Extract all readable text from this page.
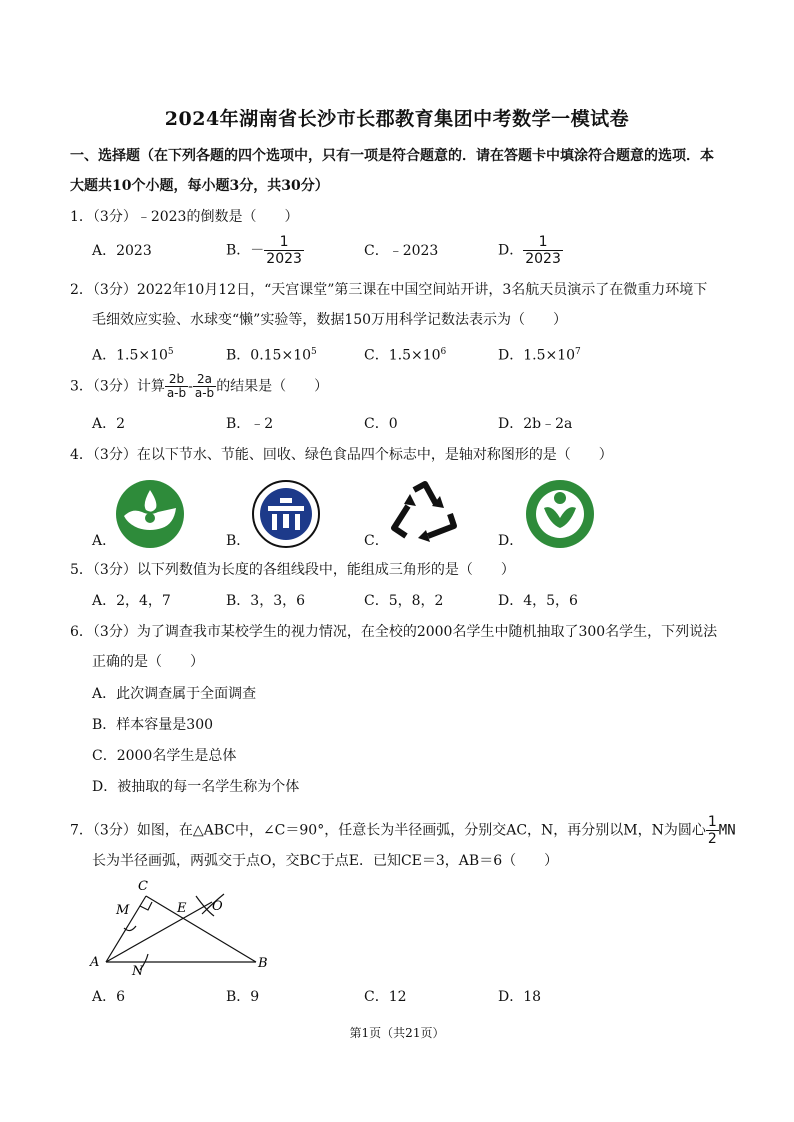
2024年湖南省长沙市长郡教育集团中考数学一模试卷
一、选择题（在下列各题的四个选项中，只有一项是符合题意的．请在答题卡中填涂符合题意的选项．本
大题共10个小题，每小题3分，共30分）
1．（3分）﹣2023的倒数是（　　）
A．2023	B．－ $\frac{1}{2023}$	C．﹣2023	D． $\frac{1}{2023}$
2．（3分）2022年10月12日，“天宫课堂”第三课在中国空间站开讲，3名航天员演示了在微重力环境下
毛细效应实验、水球变“懒”实验等，数据150万用科学记数法表示为（　　）
A．$1.5\times 10^5$	B．$0.15\times 10^5$	C．$1.5\times 10^6$	D．$1.5\times 10^7$
3．（3分）计算 $\frac{2b}{a-b} - \frac{2a}{a-b}$ 的结果是（　　）
A．2	B．﹣2	C．0	D．2b﹣2a
4．（3分）在以下节水、节能、回收、绿色食品四个标志中，是轴对称图形的是（　　）
A．	B．	C．	D．
5．（3分）以下列数值为长度的各组线段中，能组成三角形的是（　　）
A．2，4，7	B．3，3，6	C．5，8，2	D．4，5，6
6．（3分）为了调查我市某校学生的视力情况，在全校的2000名学生中随机抽取了300名学生，下列说法
正确的是（　　）
A．此次调查属于全面调查
B．样本容量是300
C．2000名学生是总体
D．被抽取的每一名学生称为个体
7．（3分）如图，在△ABC中，∠C＝90°，任意长为半径画弧，分别交AC，N，再分别以M，N为圆心 $\frac{1}{2}$ MN
长为半径画弧，两弧交于点O，交BC于点E．已知CE＝3，AB＝6（　　）
C
M	E O
A
N
B
A．6	B．9	C．12	D．18
第1页（共21页）
